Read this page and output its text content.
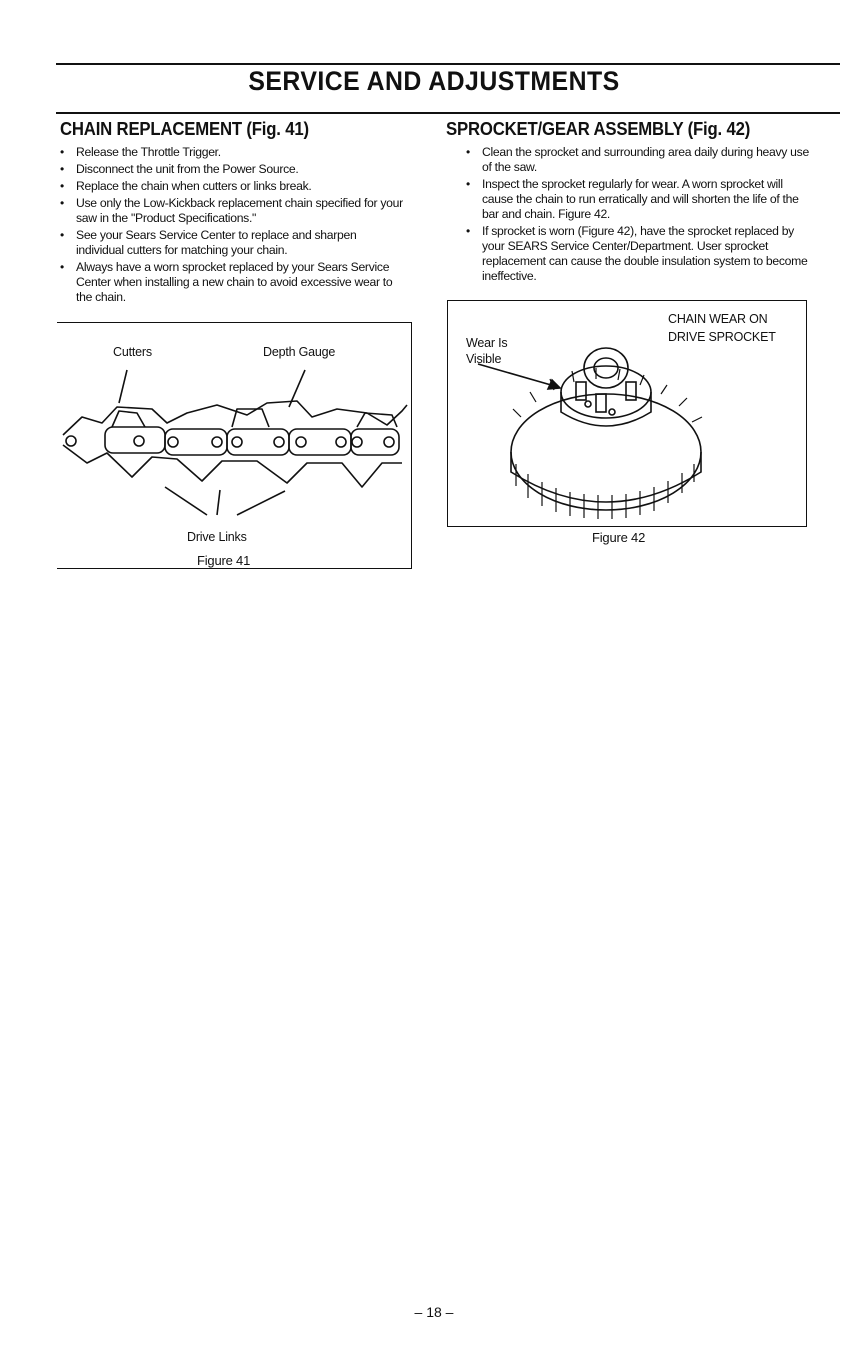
SERVICE AND ADJUSTMENTS
CHAIN REPLACEMENT (Fig. 41)
• Release the Throttle Trigger.
• Disconnect the unit from the Power Source.
• Replace the chain when cutters or links break.
• Use only the Low-Kickback replacement chain specified for your saw in the "Product Specifications."
• See your Sears Service Center to replace and sharpen individual cutters for matching your chain.
• Always have a worn sprocket replaced by your Sears Service Center when installing a new chain to avoid excessive wear to the chain.
Cutters	Depth Gauge
Drive Links
Figure 41
SPROCKET/GEAR ASSEMBLY (Fig. 42)
• Clean the sprocket and surrounding area daily during heavy use of the saw.
• Inspect the sprocket regularly for wear. A worn sprocket will cause the chain to run erratically and will shorten the life of the bar and chain. Figure 42.
• If sprocket is worn (Figure 42), have the sprocket replaced by your SEARS Service Center/Department. User sprocket replacement can cause the double insulation system to become ineffective.
Wear Is
Visible
CHAIN WEAR ON
DRIVE SPROCKET
Figure 42
– 18 –
